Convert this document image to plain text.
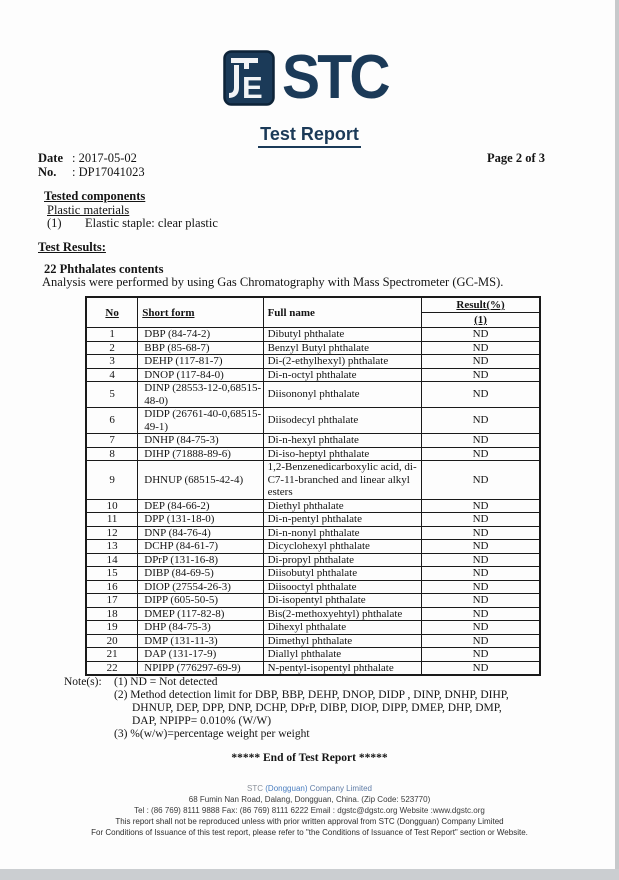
E STC
Test Report
Date : 2017-05-02
No.	: DP17041023
Page 2 of 3
Tested components
Plastic materials
(1)	Elastic staple: clear plastic
Test Results:
22 Phthalates contents
Analysis were performed by using Gas Chromatography with Mass Spectrometer (GC-MS).
No	Short form	Full name	Result(%)
(1)

1	DBP (84-74-2)	Dibutyl phthalate	ND
2	BBP (85-68-7)	Benzyl Butyl phthalate	ND
3	DEHP (117-81-7)	Di-(2-ethylhexyl) phthalate	ND
4	DNOP (117-84-0)	Di-n-octyl phthalate	ND
5	DINP (28553-12-0,68515-48-0)	Diisononyl phthalate	ND
6	DIDP (26761-40-0,68515-49-1)	Diisodecyl phthalate	ND
7	DNHP (84-75-3)	Di-n-hexyl phthalate	ND
8	DIHP (71888-89-6)	Di-iso-heptyl phthalate	ND
9	DHNUP (68515-42-4)	1,2-Benzenedicarboxylic acid, di-C7-11-branched and linear alkyl esters	ND
10	DEP (84-66-2)	Diethyl phthalate	ND
11	DPP (131-18-0)	Di-n-pentyl phthalate	ND
12	DNP (84-76-4)	Di-n-nonyl phthalate	ND
13	DCHP (84-61-7)	Dicyclohexyl phthalate	ND
14	DPrP (131-16-8)	Di-propyl phthalate	ND
15	DIBP (84-69-5)	Diisobutyl phthalate	ND
16	DIOP (27554-26-3)	Diisooctyl phthalate	ND
17	DIPP (605-50-5)	Di-isopentyl phthalate	ND
18	DMEP (117-82-8)	Bis(2-methoxyehtyl) phthalate	ND
19	DHP (84-75-3)	Dihexyl phthalate	ND
20	DMP (131-11-3)	Dimethyl phthalate	ND
21	DAP (131-17-9)	Diallyl phthalate	ND
22	NPIPP (776297-69-9)	N-pentyl-isopentyl phthalate	ND
Note(s):	(1) ND = Not detected
(2) Method detection limit for DBP, BBP, DEHP, DNOP, DIDP , DINP, DNHP, DIHP,
DHNUP, DEP, DPP, DNP, DCHP, DPrP, DIBP, DIOP, DIPP, DMEP, DHP, DMP,
DAP, NPIPP= 0.010% (W/W)
(3) %(w/w)=percentage weight per weight
***** End of Test Report *****
STC (Dongguan) Company Limited
68 Fumin Nan Road, Dalang, Dongguan, China. (Zip Code: 523770)
Tel : (86 769) 8111 9888 Fax: (86 769) 8111 6222 Email : dgstc@dgstc.org Website :www.dgstc.org
This report shall not be reproduced unless with prior written approval from STC (Dongguan) Company Limited
For Conditions of Issuance of this test report, please refer to "the Conditions of Issuance of Test Report" section or Website.
